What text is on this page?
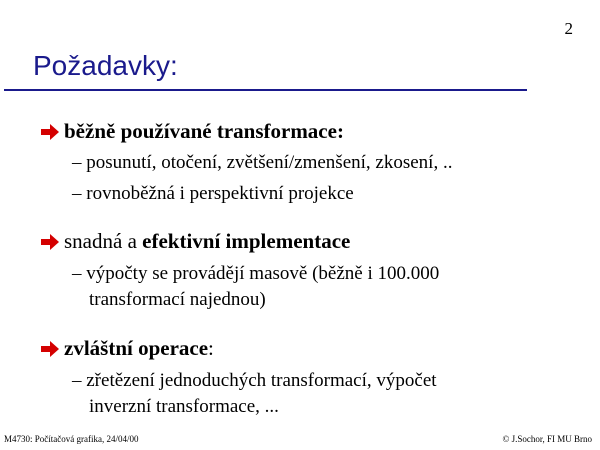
2
Požadavky:
běžně používané transformace:
– posunutí, otočení, zvětšení/zmenšení, zkosení, ..
– rovnoběžná i perspektivní projekce
snadná a efektivní implementace
– výpočty se provádějí masově (běžně i 100.000
transformací najednou)
zvláštní operace:
– zřetězení jednoduchých transformací, výpočet
inverzní transformace, ...
M4730: Počítačová grafika, 24/04/00	© J.Sochor, FI MU Brno
